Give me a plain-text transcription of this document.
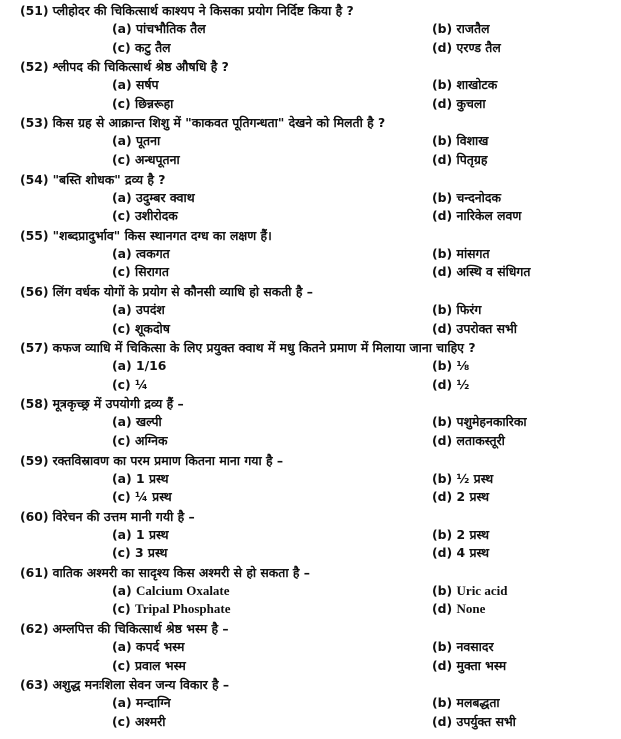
(51) प्लीहोदर की चिकित्सार्थ काश्यप ने किसका प्रयोग निर्दिष्ट किया है ?
(a) पांचभौतिक तैल	(b) राजतैल
(c) कटु तैल	(d) एरण्ड तैल
(52) श्लीपद की चिकित्सार्थ श्रेष्ठ औषधि है ?
(a) सर्षप	(b) शाखोटक
(c) छिन्नरूहा	(d) कुचला
(53) किस ग्रह से आक्रान्त शिशु में "काकवत पूतिगन्धता" देखने को मिलती है ?
(a) पूतना	(b) विशाख
(c) अन्धपूतना	(d) पितृग्रह
(54) "बस्ति शोधक" द्रव्य है ?
(a) उदुम्बर क्वाथ	(b) चन्दनोदक
(c) उशीरोदक	(d) नारिकेल लवण
(55) "शब्दप्रादुर्भाव" किस स्थानगत दग्ध का लक्षण हैं।
(a) त्वकगत	(b) मांसगत
(c) सिरागत	(d) अस्थि व संधिगत
(56) लिंग वर्धक योगों के प्रयोग से कौनसी व्याधि हो सकती है –
(a) उपदंश	(b) फिरंग
(c) शूकदोष	(d) उपरोक्त सभी
(57) कफज व्याधि में चिकित्सा के लिए प्रयुक्त क्वाथ में मधु कितने प्रमाण में मिलाया जाना चाहिए ?
(a) 1/16	(b) ⅛
(c) ¼	(d) ½
(58) मूत्रकृच्छ्र में उपयोगी द्रव्य हैं –
(a) खल्पी	(b) पशुमेहनकारिका
(c) अग्निक	(d) लताकस्तूरी
(59) रक्तविस्रावण का परम प्रमाण कितना माना गया है –
(a) 1 प्रस्थ	(b) ½ प्रस्थ
(c) ¼ प्रस्थ	(d) 2 प्रस्थ
(60) विरेचन की उत्तम मानी गयी है –
(a) 1 प्रस्थ	(b) 2 प्रस्थ
(c) 3 प्रस्थ	(d) 4 प्रस्थ
(61) वातिक अश्मरी का सादृश्य किस अश्मरी से हो सकता है –
(a) Calcium Oxalate	(b) Uric acid
(c) Tripal Phosphate	(d) None
(62) अम्लपित्त की चिकित्सार्थ श्रेष्ठ भस्म है –
(a) कपर्द भस्म	(b) नवसादर
(c) प्रवाल भस्म	(d) मुक्ता भस्म
(63) अशुद्ध मनःशिला सेवन जन्य विकार है –
(a) मन्दाग्नि	(b) मलबद्धता
(c) अश्मरी	(d) उपर्युक्त सभी
